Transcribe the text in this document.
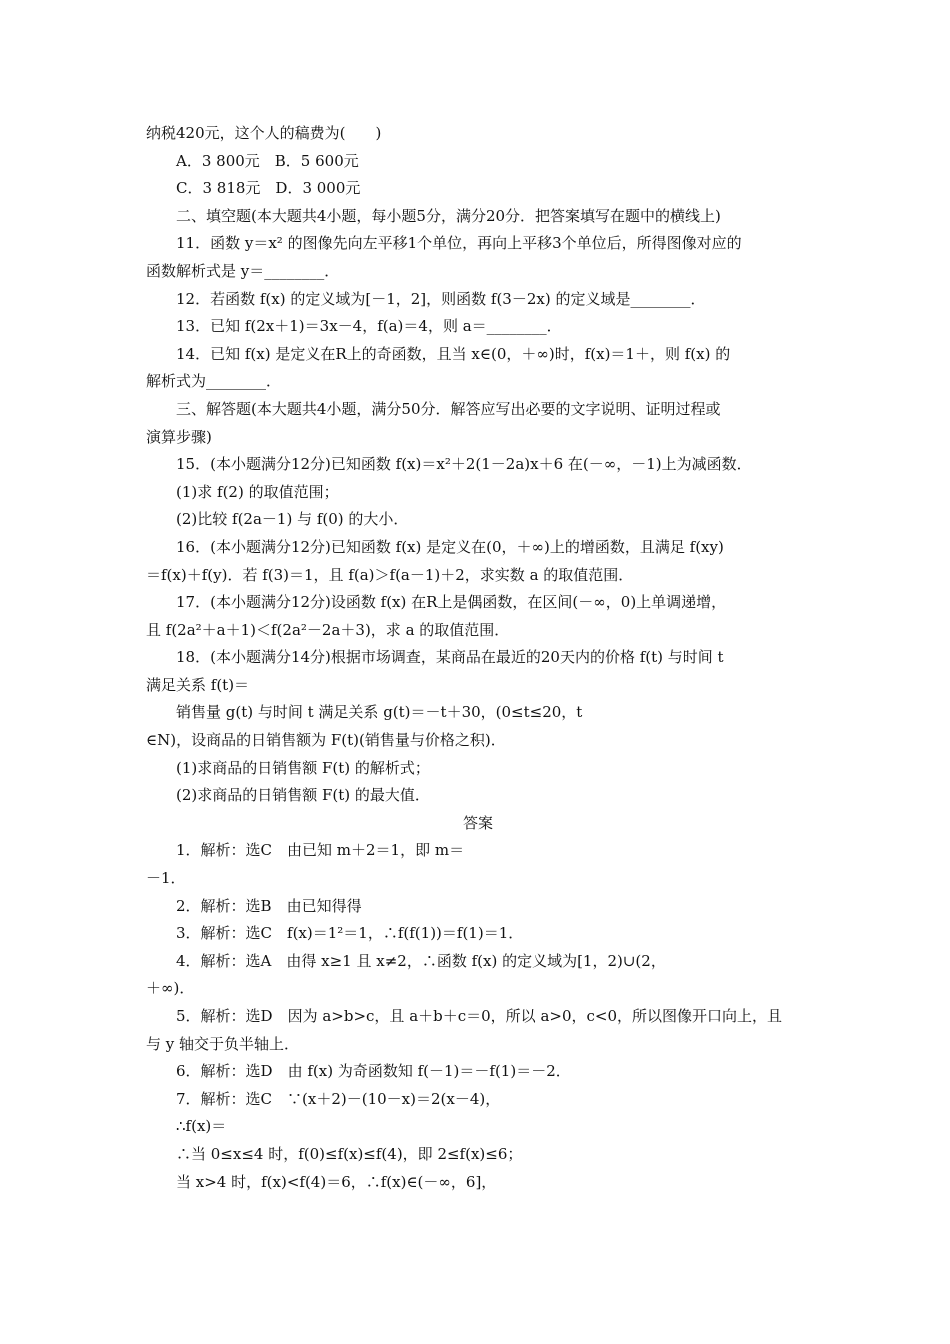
纳税420元，这个人的稿费为(　　)
A．3 800元　B．5 600元
C．3 818元　D．3 000元
二、填空题(本大题共4小题，每小题5分，满分20分．把答案填写在题中的横线上)
11．函数 y＝x² 的图像先向左平移1个单位，再向上平移3个单位后，所得图像对应的
函数解析式是 y＝________．
12．若函数 f(x) 的定义域为[－1，2]，则函数 f(3－2x) 的定义域是________．
13．已知 f(2x＋1)＝3x－4，f(a)＝4，则 a＝________．
14．已知 f(x) 是定义在R上的奇函数，且当 x∈(0，＋∞)时，f(x)＝1＋，则 f(x) 的
解析式为________．
三、解答题(本大题共4小题，满分50分．解答应写出必要的文字说明、证明过程或
演算步骤)
15．(本小题满分12分)已知函数 f(x)＝x²＋2(1－2a)x＋6 在(－∞，－1)上为减函数．
(1)求 f(2) 的取值范围；
(2)比较 f(2a－1) 与 f(0) 的大小．
16．(本小题满分12分)已知函数 f(x) 是定义在(0，＋∞)上的增函数，且满足 f(xy)
＝f(x)＋f(y)．若 f(3)＝1，且 f(a)＞f(a－1)＋2，求实数 a 的取值范围．
17．(本小题满分12分)设函数 f(x) 在R上是偶函数，在区间(－∞，0)上单调递增，
且 f(2a²＋a＋1)＜f(2a²－2a＋3)，求 a 的取值范围．
18．(本小题满分14分)根据市场调查，某商品在最近的20天内的价格 f(t) 与时间 t
满足关系 f(t)＝
销售量 g(t) 与时间 t 满足关系 g(t)＝－t＋30，(0≤t≤20，t
∈N)，设商品的日销售额为 F(t)(销售量与价格之积)．
(1)求商品的日销售额 F(t) 的解析式；
(2)求商品的日销售额 F(t) 的最大值．
答案
1．解析：选C　由已知 m＋2＝1，即 m＝
－1．
2．解析：选B　由已知得得
3．解析：选C　f(x)＝1²＝1，∴f(f(1))＝f(1)＝1．
4．解析：选A　由得 x≥1 且 x≠2，∴函数 f(x) 的定义域为[1，2)∪(2，
＋∞)．
5．解析：选D　因为 a>b>c，且 a＋b＋c＝0，所以 a>0，c<0，所以图像开口向上，且
与 y 轴交于负半轴上．
6．解析：选D　由 f(x) 为奇函数知 f(－1)＝－f(1)＝－2．
7．解析：选C　∵(x＋2)－(10－x)＝2(x－4)，
∴f(x)＝
∴当 0≤x≤4 时，f(0)≤f(x)≤f(4)，即 2≤f(x)≤6；
当 x>4 时，f(x)<f(4)＝6，∴f(x)∈(－∞，6]，
